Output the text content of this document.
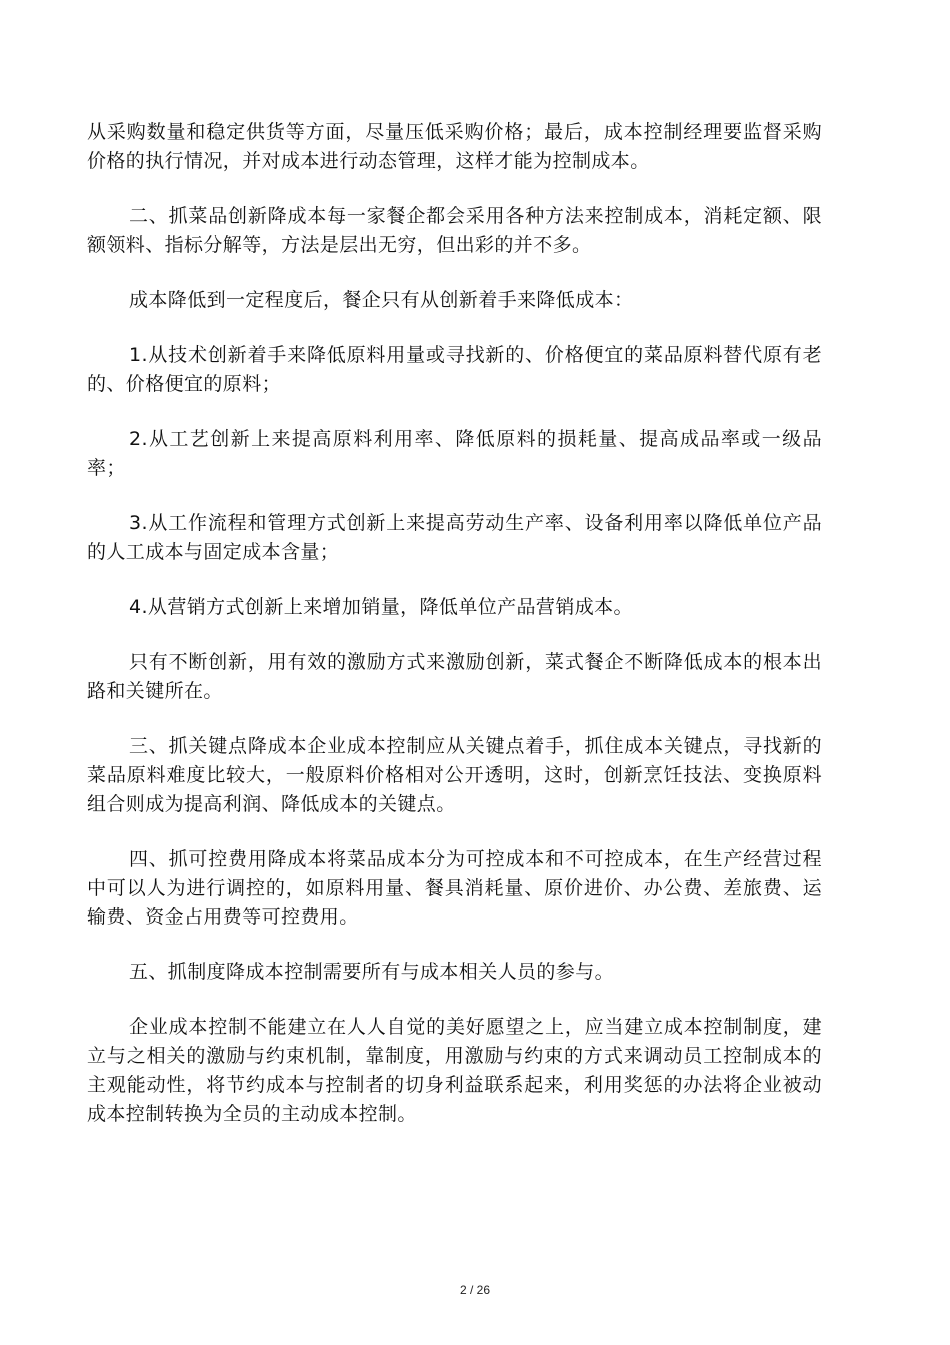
从采购数量和稳定供货等方面，尽量压低采购价格；最后，成本控制经理要监督采购价格的执行情况，并对成本进行动态管理，这样才能为控制成本。

二、抓菜品创新降成本每一家餐企都会采用各种方法来控制成本，消耗定额、限额领料、指标分解等，方法是层出无穷，但出彩的并不多。

成本降低到一定程度后，餐企只有从创新着手来降低成本：

1.从技术创新着手来降低原料用量或寻找新的、价格便宜的菜品原料替代原有老的、价格便宜的原料；

2.从工艺创新上来提高原料利用率、降低原料的损耗量、提高成品率或一级品率；

3.从工作流程和管理方式创新上来提高劳动生产率、设备利用率以降低单位产品的人工成本与固定成本含量；

4.从营销方式创新上来增加销量，降低单位产品营销成本。

只有不断创新，用有效的激励方式来激励创新，菜式餐企不断降低成本的根本出路和关键所在。

三、抓关键点降成本企业成本控制应从关键点着手，抓住成本关键点，寻找新的菜品原料难度比较大，一般原料价格相对公开透明，这时，创新烹饪技法、变换原料组合则成为提高利润、降低成本的关键点。

四、抓可控费用降成本将菜品成本分为可控成本和不可控成本，在生产经营过程中可以人为进行调控的，如原料用量、餐具消耗量、原价进价、办公费、差旅费、运输费、资金占用费等可控费用。

五、抓制度降成本控制需要所有与成本相关人员的参与。

企业成本控制不能建立在人人自觉的美好愿望之上，应当建立成本控制制度，建立与之相关的激励与约束机制，靠制度，用激励与约束的方式来调动员工控制成本的主观能动性，将节约成本与控制者的切身利益联系起来，利用奖惩的办法将企业被动成本控制转换为全员的主动成本控制。

2 / 26
